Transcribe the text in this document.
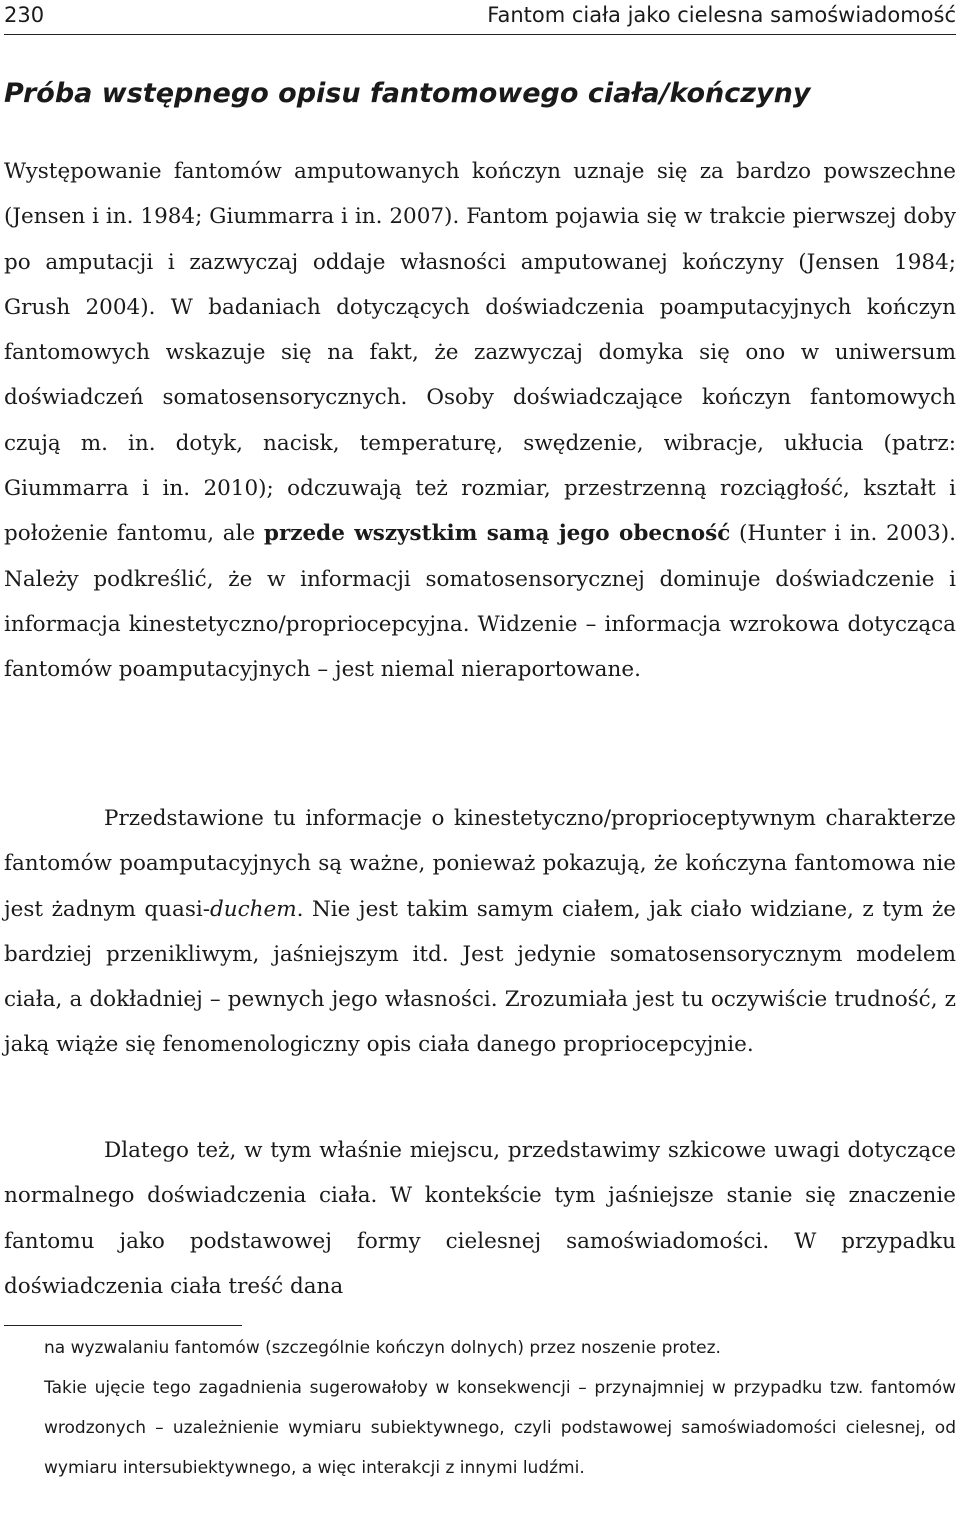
230	Fantom ciała jako cielesna samoświadomość
Próba wstępnego opisu fantomowego ciała/kończyny

Występowanie fantomów amputowanych kończyn uznaje się za bardzo powszechne (Jensen i in. 1984; Giummarra i in. 2007). Fantom pojawia się w trakcie pierwszej doby po amputacji i zazwyczaj oddaje własności amputowanej kończyny (Jensen 1984; Grush 2004). W badaniach dotyczących doświadczenia poamputacyjnych kończyn fantomowych wskazuje się na fakt, że zazwyczaj domyka się ono w uniwersum doświadczeń somatosensorycznych. Osoby doświadczające kończyn fantomowych czują m. in. dotyk, nacisk, temperaturę, swędzenie, wibracje, ukłucia (patrz: Giummarra i in. 2010); odczuwają też rozmiar, przestrzenną rozciągłość, kształt i położenie fantomu, ale przede wszystkim samą jego obecność (Hunter i in. 2003). Należy podkreślić, że w informacji somatosensorycznej dominuje doświadczenie i informacja kinestetyczno/propriocepcyjna. Widzenie – informacja wzrokowa dotycząca fantomów poamputacyjnych – jest niemal nieraportowane.

Przedstawione tu informacje o kinestetyczno/proprioceptywnym charakterze fantomów poamputacyjnych są ważne, ponieważ pokazują, że kończyna fantomowa nie jest żadnym quasi-duchem. Nie jest takim samym ciałem, jak ciało widziane, z tym że bardziej przenikliwym, jaśniejszym itd. Jest jedynie somatosensorycznym modelem ciała, a dokładniej – pewnych jego własności. Zrozumiała jest tu oczywiście trudność, z jaką wiąże się fenomenologiczny opis ciała danego propriocepcyjnie.

Dlatego też, w tym właśnie miejscu, przedstawimy szkicowe uwagi dotyczące normalnego doświadczenia ciała. W kontekście tym jaśniejsze stanie się znaczenie fantomu jako podstawowej formy cielesnej samoświadomości. W przypadku doświadczenia ciała treść dana

na wyzwalaniu fantomów (szczególnie kończyn dolnych) przez noszenie protez.

Takie ujęcie tego zagadnienia sugerowałoby w konsekwencji – przynajmniej w przypadku tzw. fantomów wrodzonych – uzależnienie wymiaru subiektywnego, czyli podstawowej samoświadomości cielesnej, od wymiaru intersubiektywnego, a więc interakcji z innymi ludźmi.
